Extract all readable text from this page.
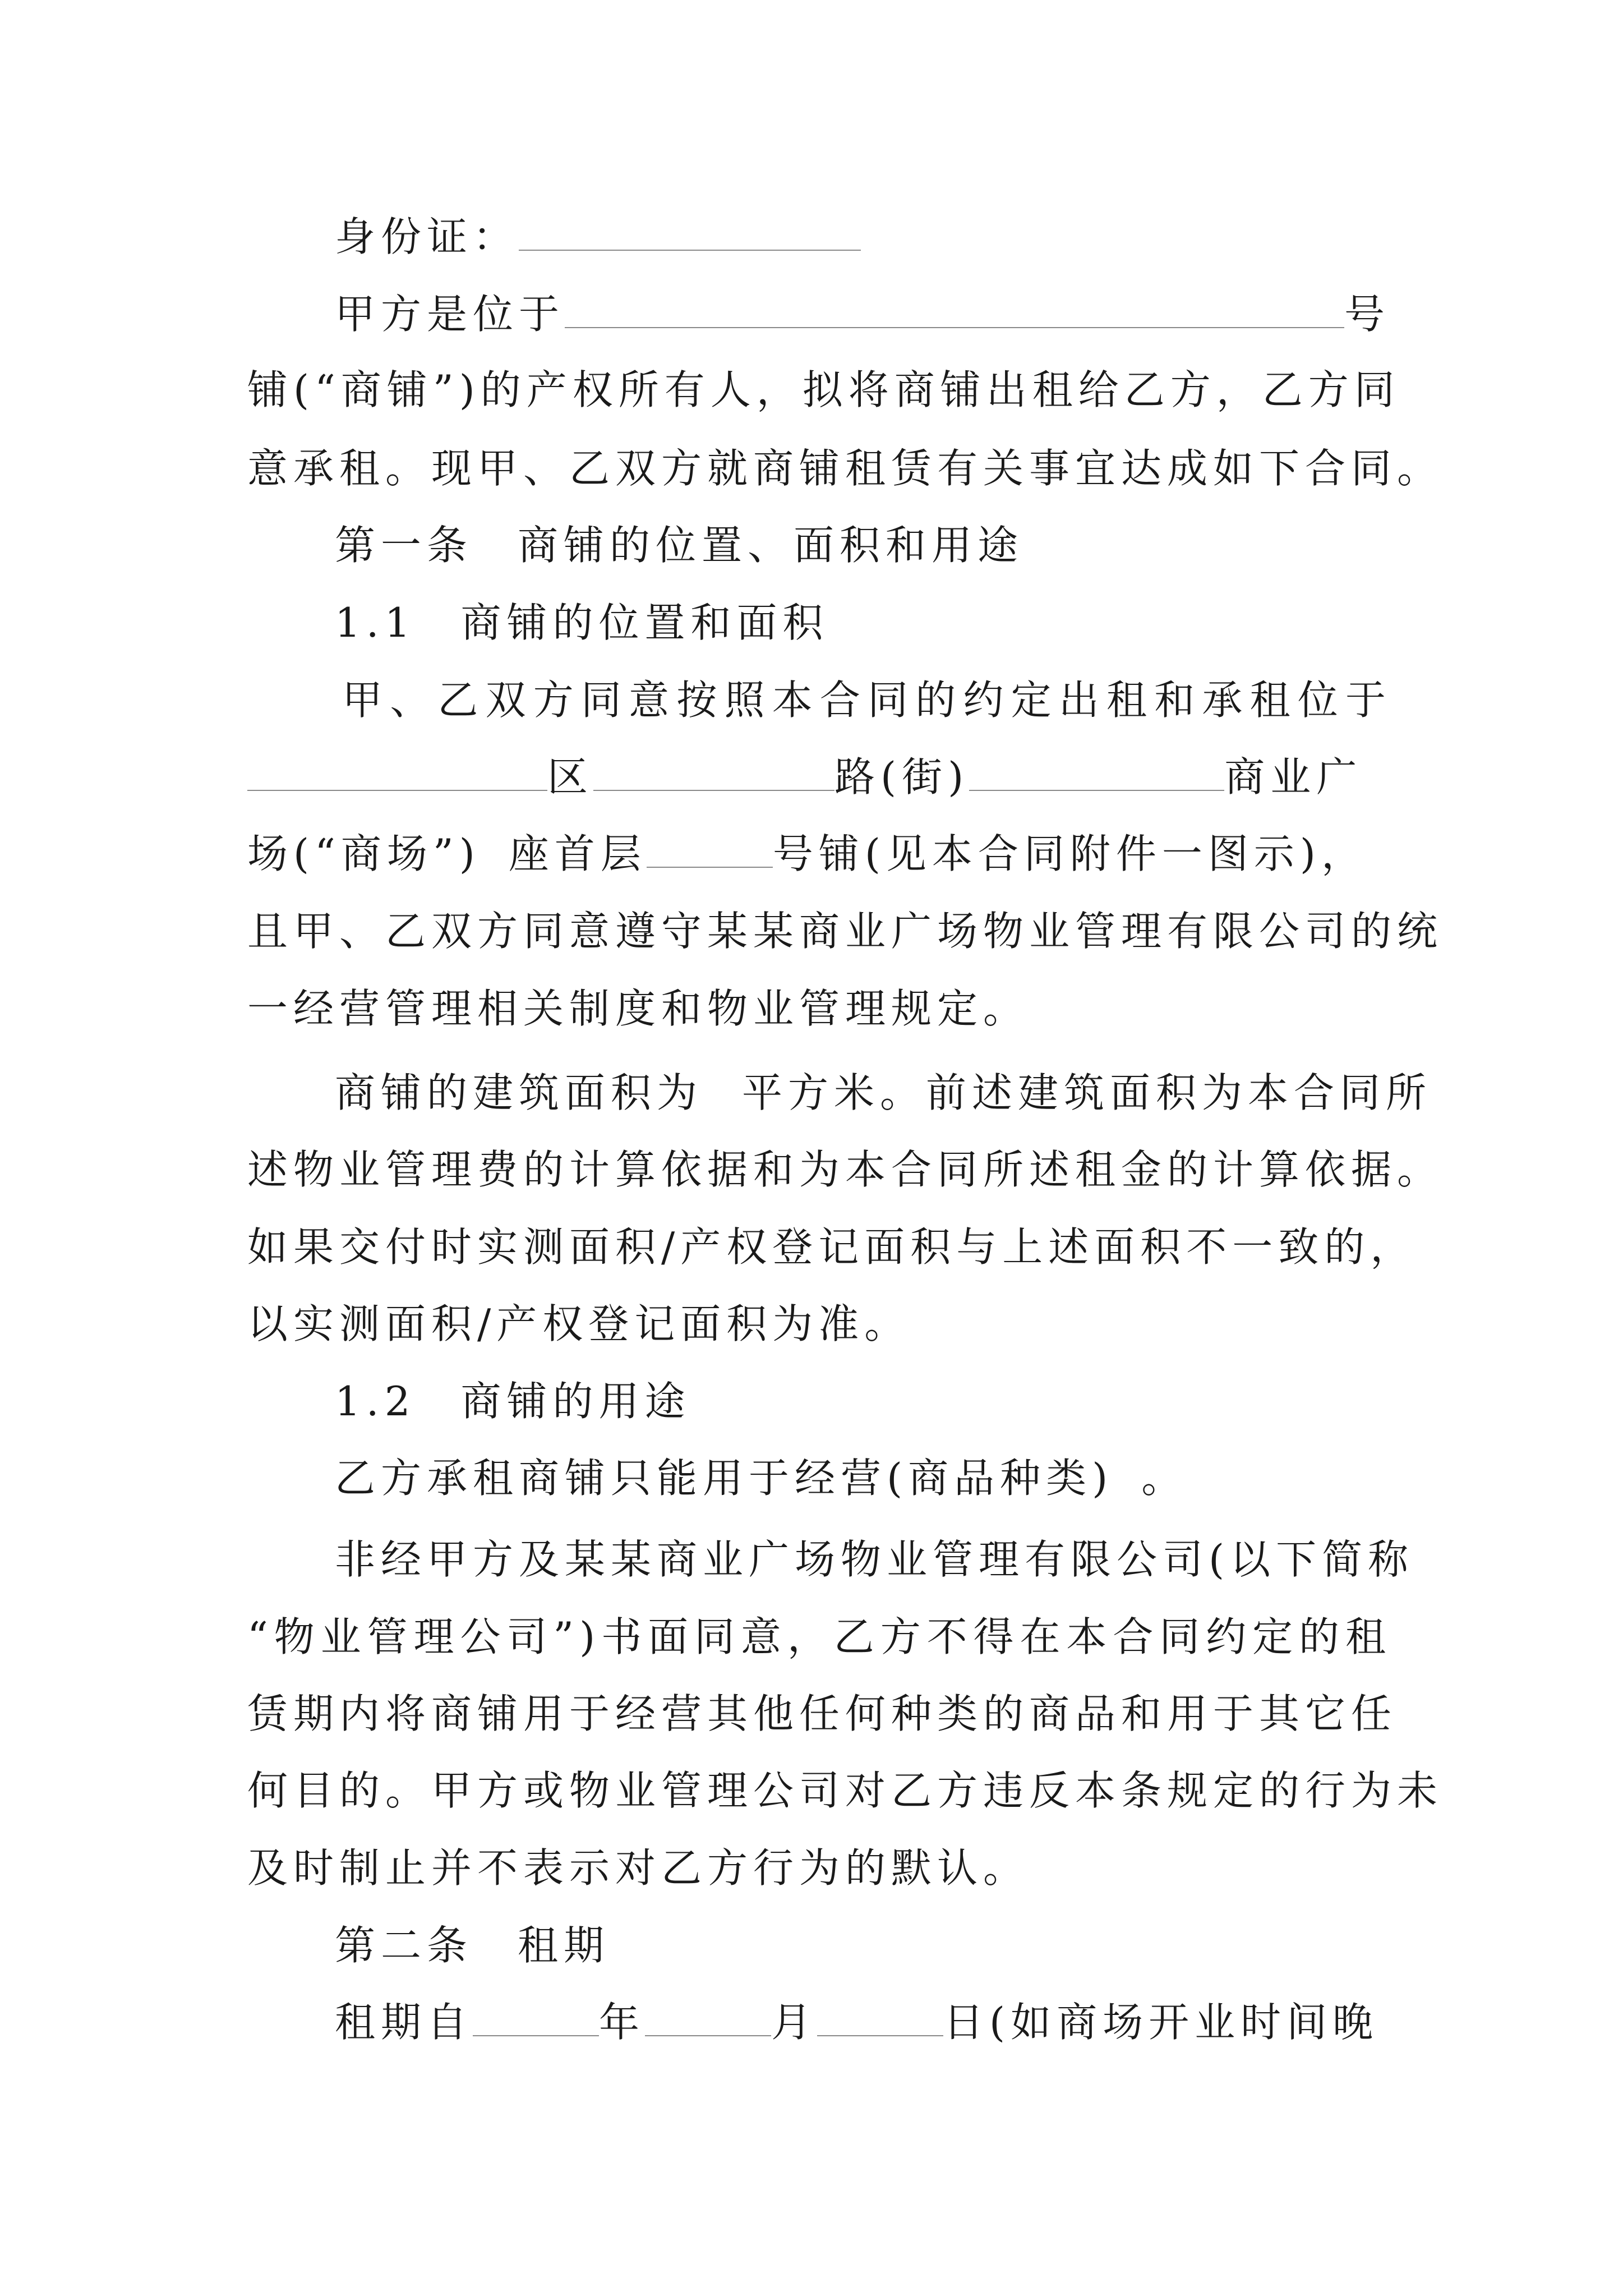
身份证：
甲方是位于	号
铺(“商铺”)的产权所有人，拟将商铺出租给乙方，乙方同
意承租。现甲、乙双方就商铺租赁有关事宜达成如下合同。
第一条 商铺的位置、面积和用途
1.1 商铺的位置和面积
甲、乙双方同意按照本合同的约定出租和承租位于
区	路(街)	商业广
场(“商场”) 座首层	号铺(见本合同附件一图示)，
且甲、乙双方同意遵守某某商业广场物业管理有限公司的统
一经营管理相关制度和物业管理规定。
商铺的建筑面积为 平方米。前述建筑面积为本合同所
述物业管理费的计算依据和为本合同所述租金的计算依据。
如果交付时实测面积/产权登记面积与上述面积不一致的，
以实测面积/产权登记面积为准。
1.2 商铺的用途
乙方承租商铺只能用于经营(商品种类) 。
非经甲方及某某商业广场物业管理有限公司(以下简称
“物业管理公司”)书面同意，乙方不得在本合同约定的租
赁期内将商铺用于经营其他任何种类的商品和用于其它任
何目的。甲方或物业管理公司对乙方违反本条规定的行为未
及时制止并不表示对乙方行为的默认。
第二条 租期
租期自	年	月	日(如商场开业时间晚
